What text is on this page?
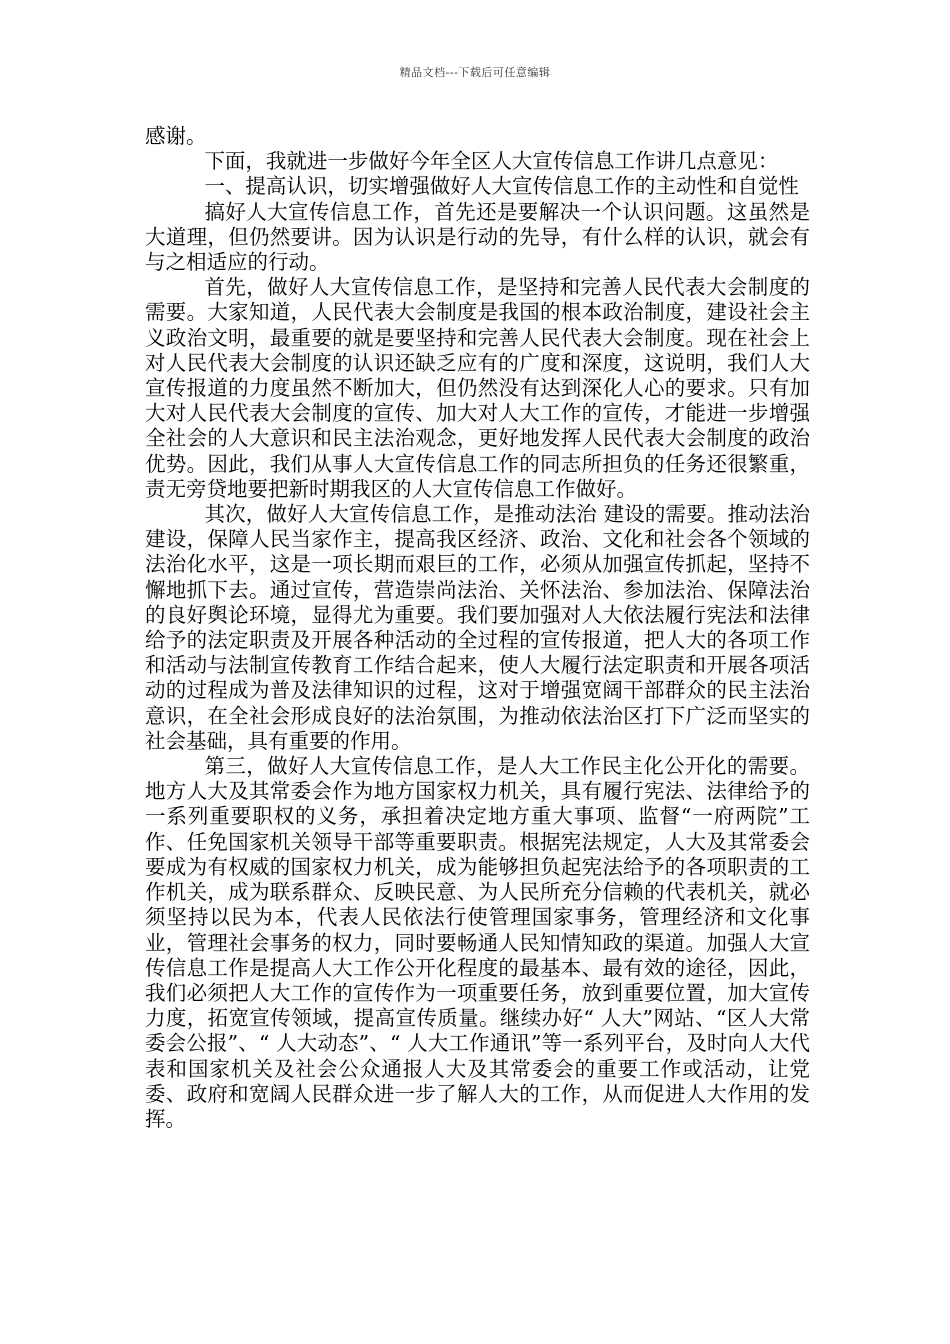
精品文档---下载后可任意编辑

感谢。

下面，我就进一步做好今年全区人大宣传信息工作讲几点意见：

一、提高认识，切实增强做好人大宣传信息工作的主动性和自觉性

搞好人大宣传信息工作，首先还是要解决一个认识问题。这虽然是大道理，但仍然要讲。因为认识是行动的先导，有什么样的认识，就会有与之相适应的行动。

首先，做好人大宣传信息工作，是坚持和完善人民代表大会制度的需要。大家知道，人民代表大会制度是我国的根本政治制度，建设社会主义政治文明，最重要的就是要坚持和完善人民代表大会制度。现在社会上对人民代表大会制度的认识还缺乏应有的广度和深度，这说明，我们人大宣传报道的力度虽然不断加大，但仍然没有达到深化人心的要求。只有加大对人民代表大会制度的宣传、加大对人大工作的宣传，才能进一步增强全社会的人大意识和民主法治观念，更好地发挥人民代表大会制度的政治优势。因此，我们从事人大宣传信息工作的同志所担负的任务还很繁重，责无旁贷地要把新时期我区的人大宣传信息工作做好。

其次，做好人大宣传信息工作，是推动法治 建设的需要。推动法治 建设，保障人民当家作主，提高我区经济、政治、文化和社会各个领域的法治化水平，这是一项长期而艰巨的工作，必须从加强宣传抓起，坚持不懈地抓下去。通过宣传，营造崇尚法治、关怀法治、参加法治、保障法治的良好舆论环境，显得尤为重要。我们要加强对人大依法履行宪法和法律给予的法定职责及开展各种活动的全过程的宣传报道，把人大的各项工作和活动与法制宣传教育工作结合起来，使人大履行法定职责和开展各项活动的过程成为普及法律知识的过程，这对于增强宽阔干部群众的民主法治意识，在全社会形成良好的法治氛围，为推动依法治区打下广泛而坚实的社会基础，具有重要的作用。

第三，做好人大宣传信息工作，是人大工作民主化公开化的需要。地方人大及其常委会作为地方国家权力机关，具有履行宪法、法律给予的一系列重要职权的义务，承担着决定地方重大事项、监督“一府两院”工作、任免国家机关领导干部等重要职责。根据宪法规定，人大及其常委会要成为有权威的国家权力机关，成为能够担负起宪法给予的各项职责的工作机关，成为联系群众、反映民意、为人民所充分信赖的代表机关，就必须坚持以民为本，代表人民依法行使管理国家事务，管理经济和文化事业，管理社会事务的权力，同时要畅通人民知情知政的渠道。加强人大宣传信息工作是提高人大工作公开化程度的最基本、最有效的途径，因此，我们必须把人大工作的宣传作为一项重要任务，放到重要位置，加大宣传力度，拓宽宣传领域，提高宣传质量。继续办好“ 人大”网站、“区人大常委会公报”、“ 人大动态”、“ 人大工作通讯”等一系列平台，及时向人大代表和国家机关及社会公众通报人大及其常委会的重要工作或活动，让党委、政府和宽阔人民群众进一步了解人大的工作，从而促进人大作用的发挥。
